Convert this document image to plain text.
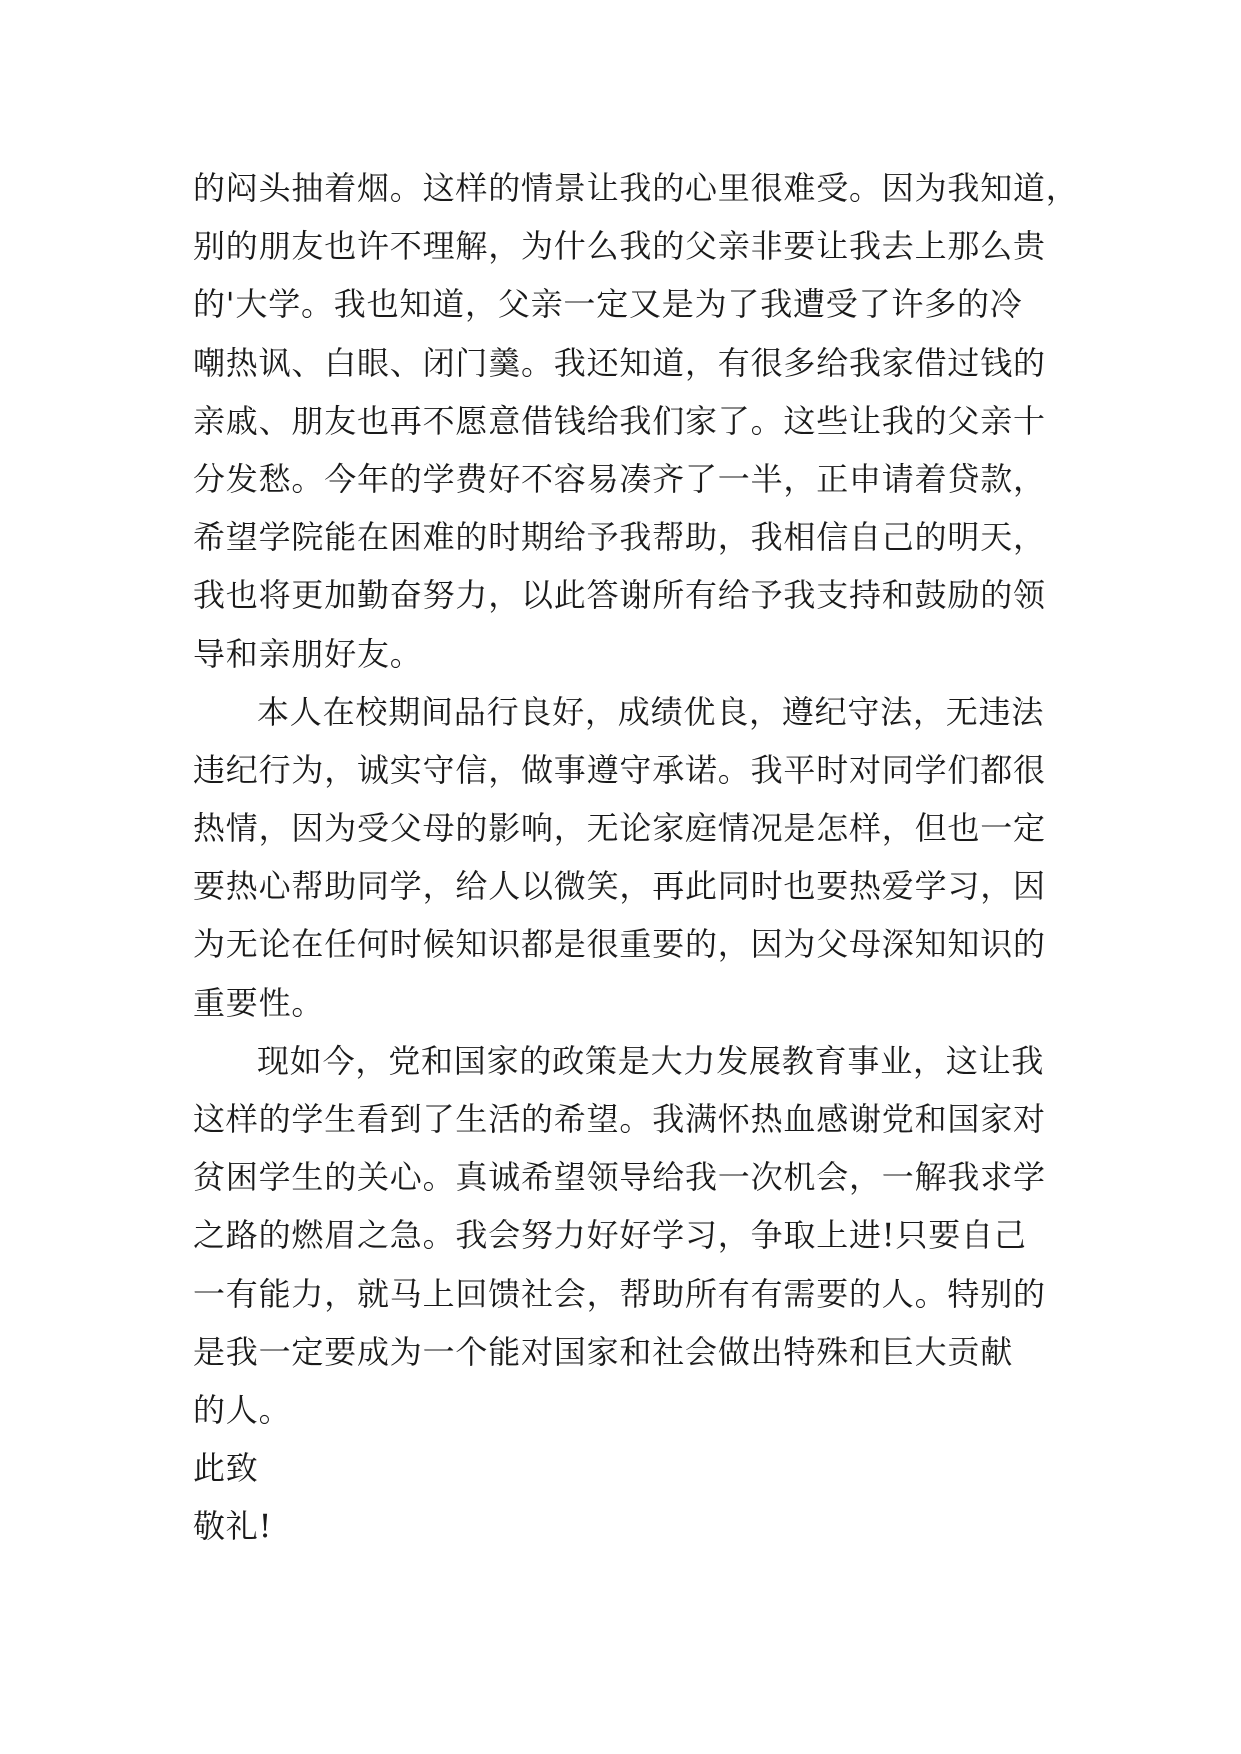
的闷头抽着烟。这样的情景让我的心里很难受。因为我知道，
别的朋友也许不理解，为什么我的父亲非要让我去上那么贵
的'大学。我也知道，父亲一定又是为了我遭受了许多的冷
嘲热讽、白眼、闭门羹。我还知道，有很多给我家借过钱的
亲戚、朋友也再不愿意借钱给我们家了。这些让我的父亲十
分发愁。今年的学费好不容易凑齐了一半，正申请着贷款，
希望学院能在困难的时期给予我帮助，我相信自己的明天，
我也将更加勤奋努力，以此答谢所有给予我支持和鼓励的领
导和亲朋好友。
本人在校期间品行良好，成绩优良，遵纪守法，无违法
违纪行为，诚实守信，做事遵守承诺。我平时对同学们都很
热情，因为受父母的影响，无论家庭情况是怎样，但也一定
要热心帮助同学，给人以微笑，再此同时也要热爱学习，因
为无论在任何时候知识都是很重要的，因为父母深知知识的
重要性。
现如今，党和国家的政策是大力发展教育事业，这让我
这样的学生看到了生活的希望。我满怀热血感谢党和国家对
贫困学生的关心。真诚希望领导给我一次机会，一解我求学
之路的燃眉之急。我会努力好好学习，争取上进!只要自己
一有能力，就马上回馈社会，帮助所有有需要的人。特别的
是我一定要成为一个能对国家和社会做出特殊和巨大贡献
的人。
此致
敬礼!
